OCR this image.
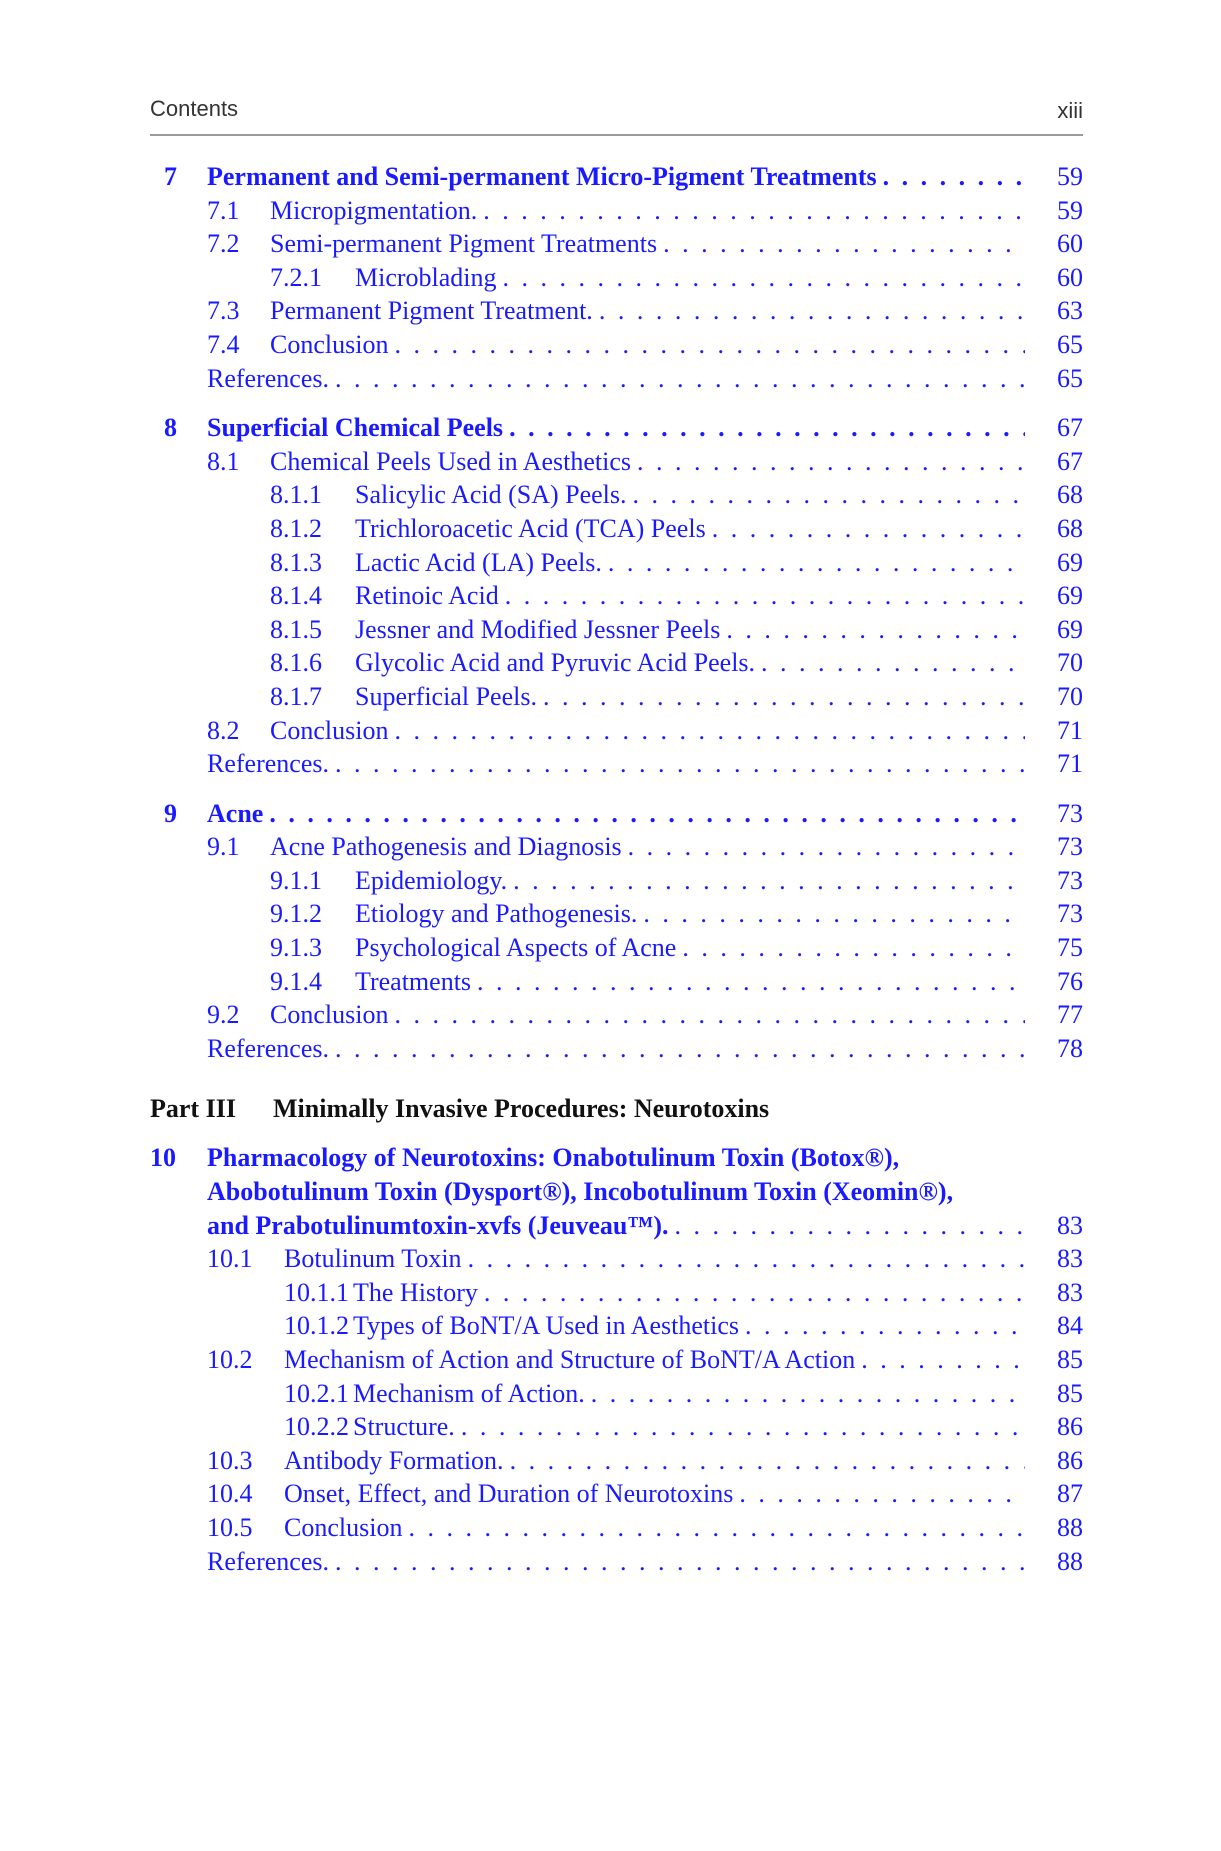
Contents	xiii
7 Permanent and Semi-permanent Micro-Pigment Treatments . . .	59
7.1 Micropigmentation. . . .	59
7.2 Semi-permanent Pigment Treatments . . .	60
7.2.1 Microblading . . .	60
7.3 Permanent Pigment Treatment. . . .	63
7.4 Conclusion . . .	65
References. . . .	65
8 Superficial Chemical Peels . . .	67
8.1 Chemical Peels Used in Aesthetics . . .	67
8.1.1 Salicylic Acid (SA) Peels. . . .	68
8.1.2 Trichloroacetic Acid (TCA) Peels . . .	68
8.1.3 Lactic Acid (LA) Peels. . . .	69
8.1.4 Retinoic Acid . . .	69
8.1.5 Jessner and Modified Jessner Peels . . .	69
8.1.6 Glycolic Acid and Pyruvic Acid Peels. . . .	70
8.1.7 Superficial Peels. . . .	70
8.2 Conclusion . . .	71
References. . . .	71
9 Acne . . .	73
9.1 Acne Pathogenesis and Diagnosis . . .	73
9.1.1 Epidemiology. . . .	73
9.1.2 Etiology and Pathogenesis. . . .	73
9.1.3 Psychological Aspects of Acne . . .	75
9.1.4 Treatments . . .	76
9.2 Conclusion . . .	77
References. . . .	78
Part III Minimally Invasive Procedures: Neurotoxins
10 Pharmacology of Neurotoxins: Onabotulinum Toxin (Botox®),
Abobotulinum Toxin (Dysport®), Incobotulinum Toxin (Xeomin®),
and Prabotulinumtoxin-xvfs (Jeuveau™). . . .	83
10.1 Botulinum Toxin . . .	83
10.1.1 The History . . .	83
10.1.2 Types of BoNT/A Used in Aesthetics . . .	84
10.2 Mechanism of Action and Structure of BoNT/A Action . . .	85
10.2.1 Mechanism of Action. . . .	85
10.2.2 Structure. . . .	86
10.3 Antibody Formation. . . .	86
10.4 Onset, Effect, and Duration of Neurotoxins . . .	87
10.5 Conclusion . . .	88
References. . . .	88
